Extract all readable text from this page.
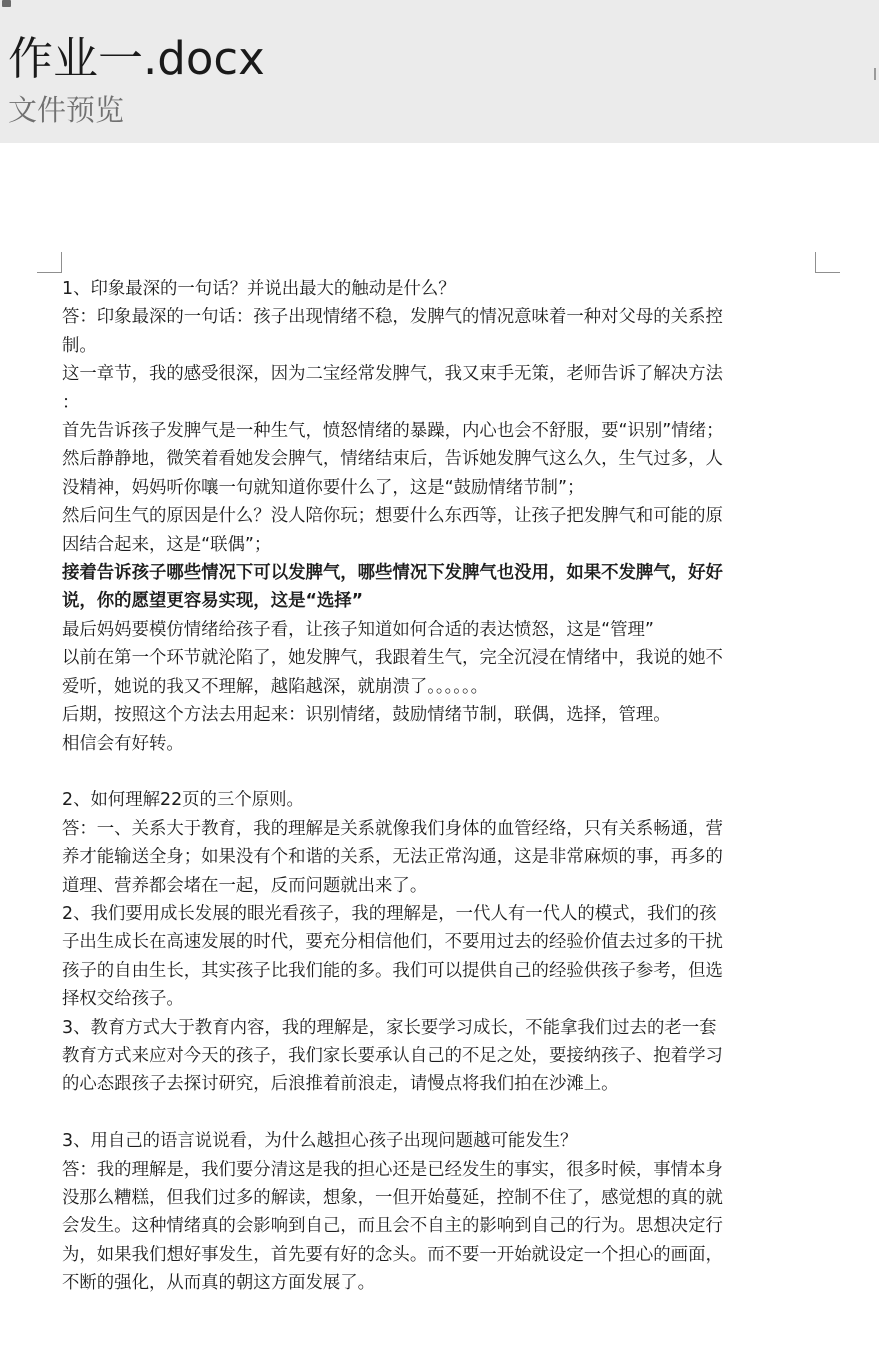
作业一.docx
文件预览
1、印象最深的一句话？并说出最大的触动是什么？
答：印象最深的一句话：孩子出现情绪不稳，发脾气的情况意味着一种对父母的关系控
制。
这一章节，我的感受很深，因为二宝经常发脾气，我又束手无策，老师告诉了解决方法
：
首先告诉孩子发脾气是一种生气，愤怒情绪的暴躁，内心也会不舒服，要“识别”情绪；
然后静静地，微笑着看她发会脾气，情绪结束后，告诉她发脾气这么久，生气过多，人
没精神，妈妈听你嚷一句就知道你要什么了，这是“鼓励情绪节制”；
然后问生气的原因是什么？没人陪你玩；想要什么东西等，让孩子把发脾气和可能的原
因结合起来，这是“联偶”；
接着告诉孩子哪些情况下可以发脾气，哪些情况下发脾气也没用，如果不发脾气，好好
说，你的愿望更容易实现，这是“选择”
最后妈妈要模仿情绪给孩子看，让孩子知道如何合适的表达愤怒，这是“管理”
以前在第一个环节就沦陷了，她发脾气，我跟着生气，完全沉浸在情绪中，我说的她不
爱听，她说的我又不理解，越陷越深，就崩溃了。。。。。。
后期，按照这个方法去用起来：识别情绪，鼓励情绪节制，联偶，选择，管理。
相信会有好转。
2、如何理解22页的三个原则。
答：一、关系大于教育，我的理解是关系就像我们身体的血管经络，只有关系畅通，营
养才能输送全身；如果没有个和谐的关系，无法正常沟通，这是非常麻烦的事，再多的
道理、营养都会堵在一起，反而问题就出来了。
2、我们要用成长发展的眼光看孩子，我的理解是，一代人有一代人的模式，我们的孩
子出生成长在高速发展的时代，要充分相信他们，不要用过去的经验价值去过多的干扰
孩子的自由生长，其实孩子比我们能的多。我们可以提供自己的经验供孩子参考，但选
择权交给孩子。
3、教育方式大于教育内容，我的理解是，家长要学习成长，不能拿我们过去的老一套
教育方式来应对今天的孩子，我们家长要承认自己的不足之处，要接纳孩子、抱着学习
的心态跟孩子去探讨研究，后浪推着前浪走，请慢点将我们拍在沙滩上。
3、用自己的语言说说看，为什么越担心孩子出现问题越可能发生？
答：我的理解是，我们要分清这是我的担心还是已经发生的事实，很多时候，事情本身
没那么糟糕，但我们过多的解读，想象，一但开始蔓延，控制不住了，感觉想的真的就
会发生。这种情绪真的会影响到自己，而且会不自主的影响到自己的行为。思想决定行
为，如果我们想好事发生，首先要有好的念头。而不要一开始就设定一个担心的画面，
不断的强化，从而真的朝这方面发展了。
